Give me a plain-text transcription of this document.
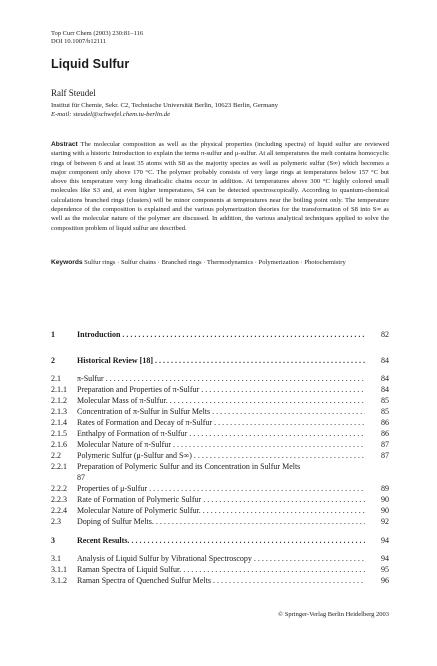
Top Curr Chem (2003) 230:81–116
DOI 10.1007/b12111
Liquid Sulfur
Ralf Steudel
Institut für Chemie, Sekr. C2, Technische Universität Berlin, 10623 Berlin, Germany
E-mail: steudel@schwefel.chem.tu-berlin.de
Abstract The molecular composition as well as the physical properties (including spectra) of liquid sulfur are reviewed starting with a historic Introduction to explain the terms π-sulfur and μ-sulfur. At all temperatures the melt contains homocyclic rings of between 6 and at least 35 atoms with S8 as the majority species as well as polymeric sulfur (S∞) which becomes a major component only above 170 °C. The polymer probably consists of very large rings at temperatures below 157 °C but above this temperature very long diradicalic chains occur in addition. At temperatures above 300 °C highly colored small molecules like S3 and, at even higher temperatures, S4 can be detected spectroscopically. According to quantum-chemical calculations branched rings (clusters) will be minor components at temperatures near the boiling point only. The temperature dependence of the composition is explained and the various polymerization theories for the transformation of S8 into S∞ as well as the molecular nature of the polymer are discussed. In addition, the various analytical techniques applied to solve the composition problem of liquid sulfur are described.
Keywords Sulfur rings · Sulfur chains · Branched rings · Thermodynamics · Polymerization · Photochemistry
1	Introduction . . .	82
2	Historical Review [18] . . .	84
2.1 π-Sulfur . . .	84
2.1.1 Preparation and Properties of π-Sulfur . . .	84
2.1.2 Molecular Mass of π-Sulfur. . . .	85
2.1.3 Concentration of π-Sulfur in Sulfur Melts . . .	85
2.1.4 Rates of Formation and Decay of π-Sulfur . . .	86
2.1.5 Enthalpy of Formation of π-Sulfur . . .	86
2.1.6 Molecular Nature of π-Sulfur . . .	87
2.2 Polymeric Sulfur (μ-Sulfur and S∞) . . .	87
2.2.1 Preparation of Polymeric Sulfur and its Concentration in Sulfur Melts
87
2.2.2 Properties of μ-Sulfur . . .	89
2.2.3 Rate of Formation of Polymeric Sulfur . . .	90
2.2.4 Molecular Nature of Polymeric Sulfur. . . .	90
2.3 Doping of Sulfur Melts. . . .	92
3	Recent Results. . . .	94
3.1 Analysis of Liquid Sulfur by Vibrational Spectroscopy . . .	94
3.1.1 Raman Spectra of Liquid Sulfur. . . .	95
3.1.2 Raman Spectra of Quenched Sulfur Melts . . .	96
© Springer-Verlag Berlin Heidelberg 2003
